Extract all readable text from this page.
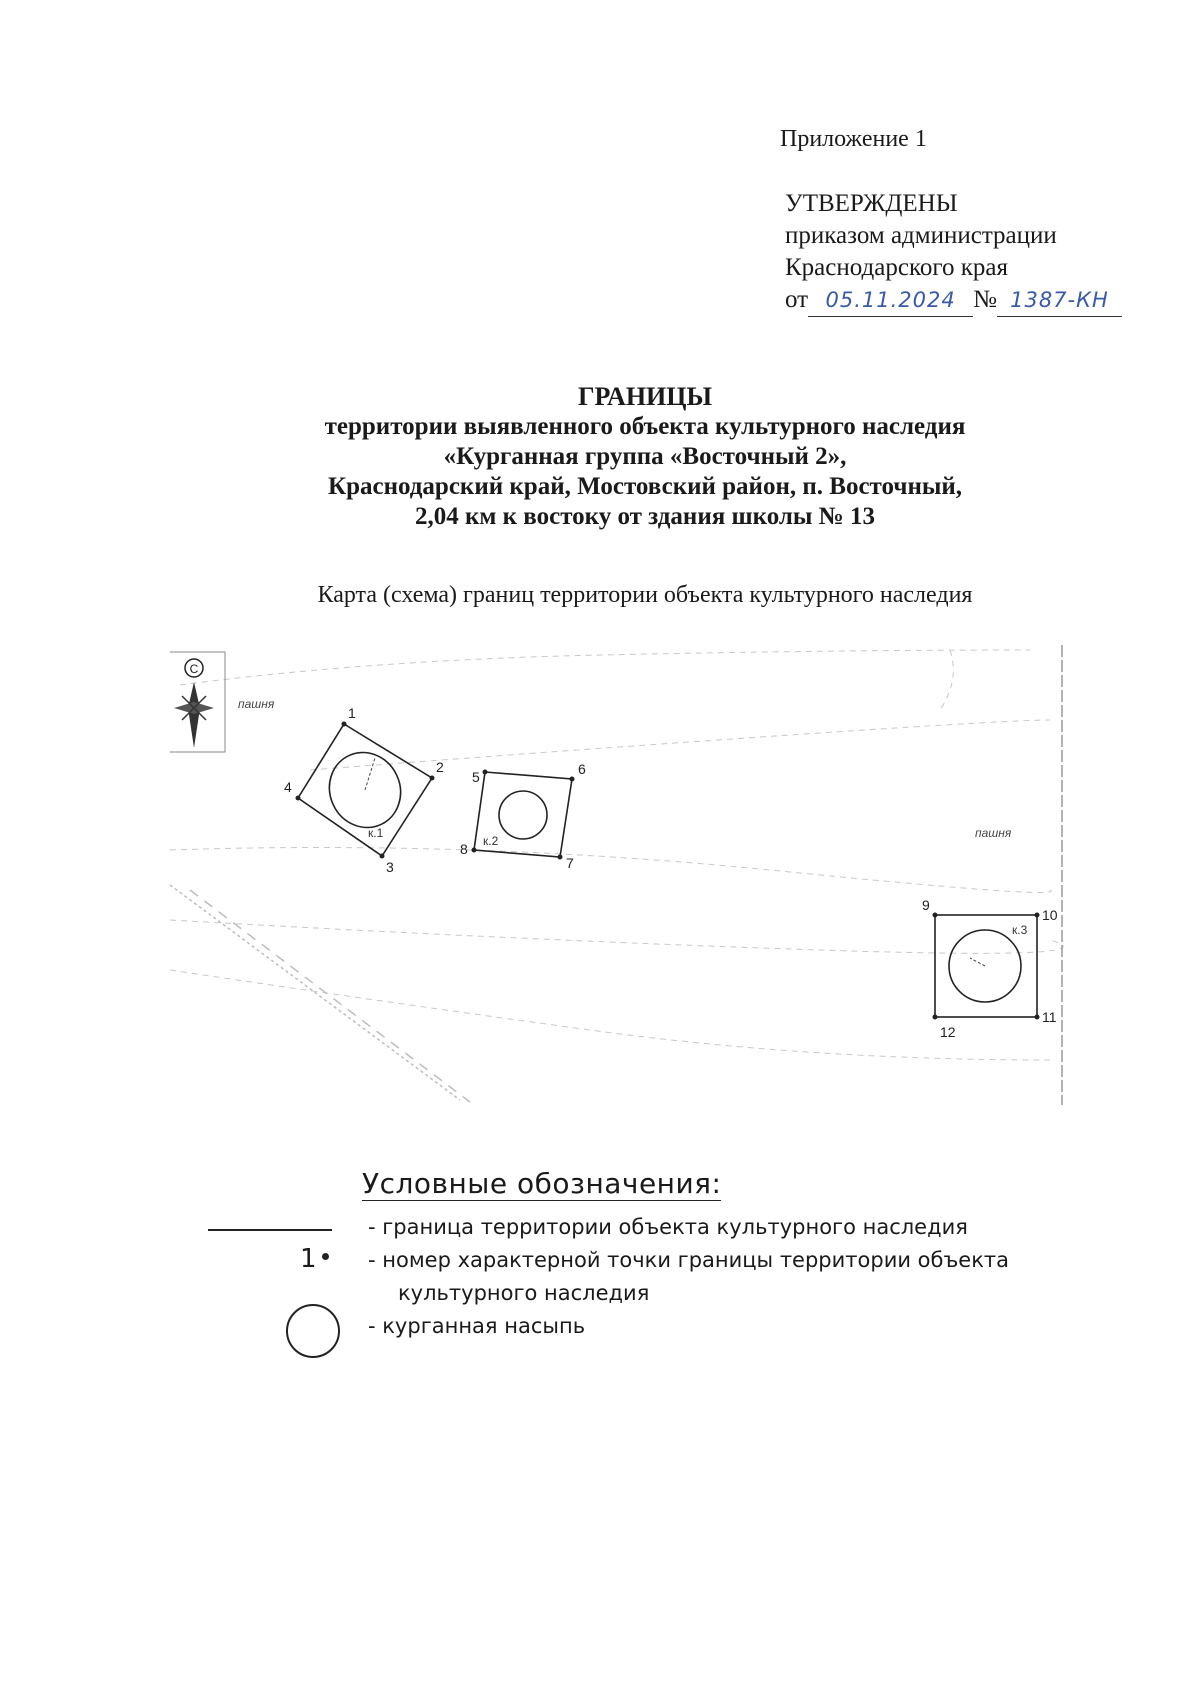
Приложение 1
УТВЕРЖДЕНЫ
приказом администрации
Краснодарского края
от 05.11.2024 № 1387-КН
ГРАНИЦЫ
территории выявленного объекта культурного наследия
«Курганная группа «Восточный 2»,
Краснодарский край, Мостовский район, п. Восточный,
2,04 км к востоку от здания школы № 13
Карта (схема) границ территории объекта культурного наследия
С
пашня
пашня
к.1
к.2
к.3
1
2
3
4
5	6
7
8
9
10
11
12
Условные обозначения:
- граница территории объекта культурного наследия
1 - номер характерной точки границы территории объекта
культурного наследия
- курганная насыпь
